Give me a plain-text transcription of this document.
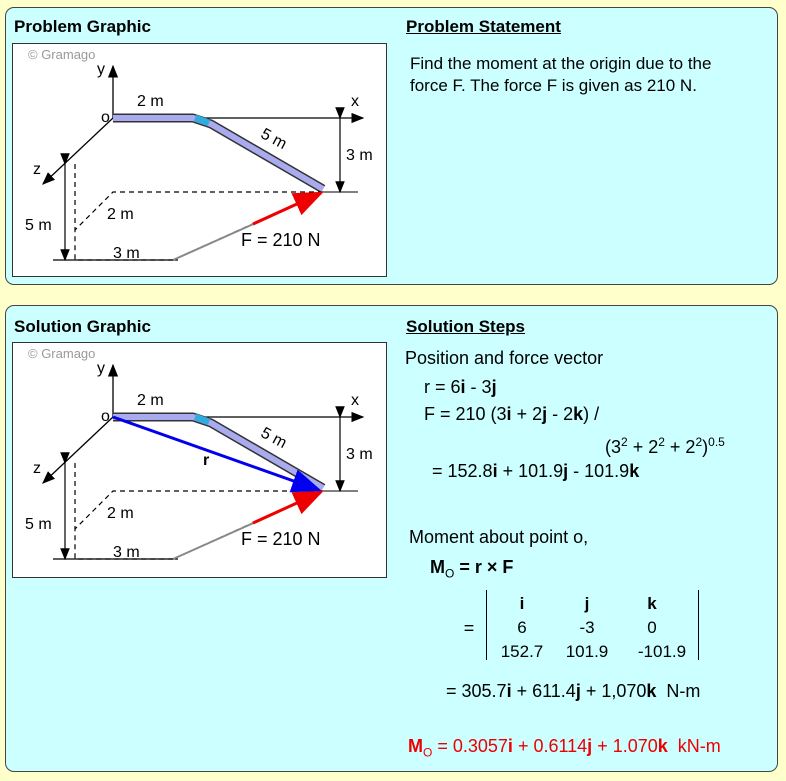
Problem Graphic	Problem Statement
Find the moment at the origin due to the
force F. The force F is given as 210 N.
© Gramago
y
x
z
o
2 m
5 m
3 m
5 m
2 m
3 m
F = 210 N
Solution Graphic	Solution Steps
r
© Gramago
y
x
z
o
2 m
5 m
3 m
5 m
2 m
3 m
F = 210 N
Position and force vector
r = 6i - 3j
F = 210 (3i + 2j - 2k) /
$(3^2 + 2^2 + 2^2)^{0.5}$
= 152.8i + 101.9j - 101.9k
Moment about point o,
$M_O = r \times F$
=
i	j	k
6	-3	0
152.7	101.9	-101.9
= 305.7i + 611.4j + 1,070k  N-m
$M_O = 0.3057i + 0.6114j + 1.070k$  kN-m
